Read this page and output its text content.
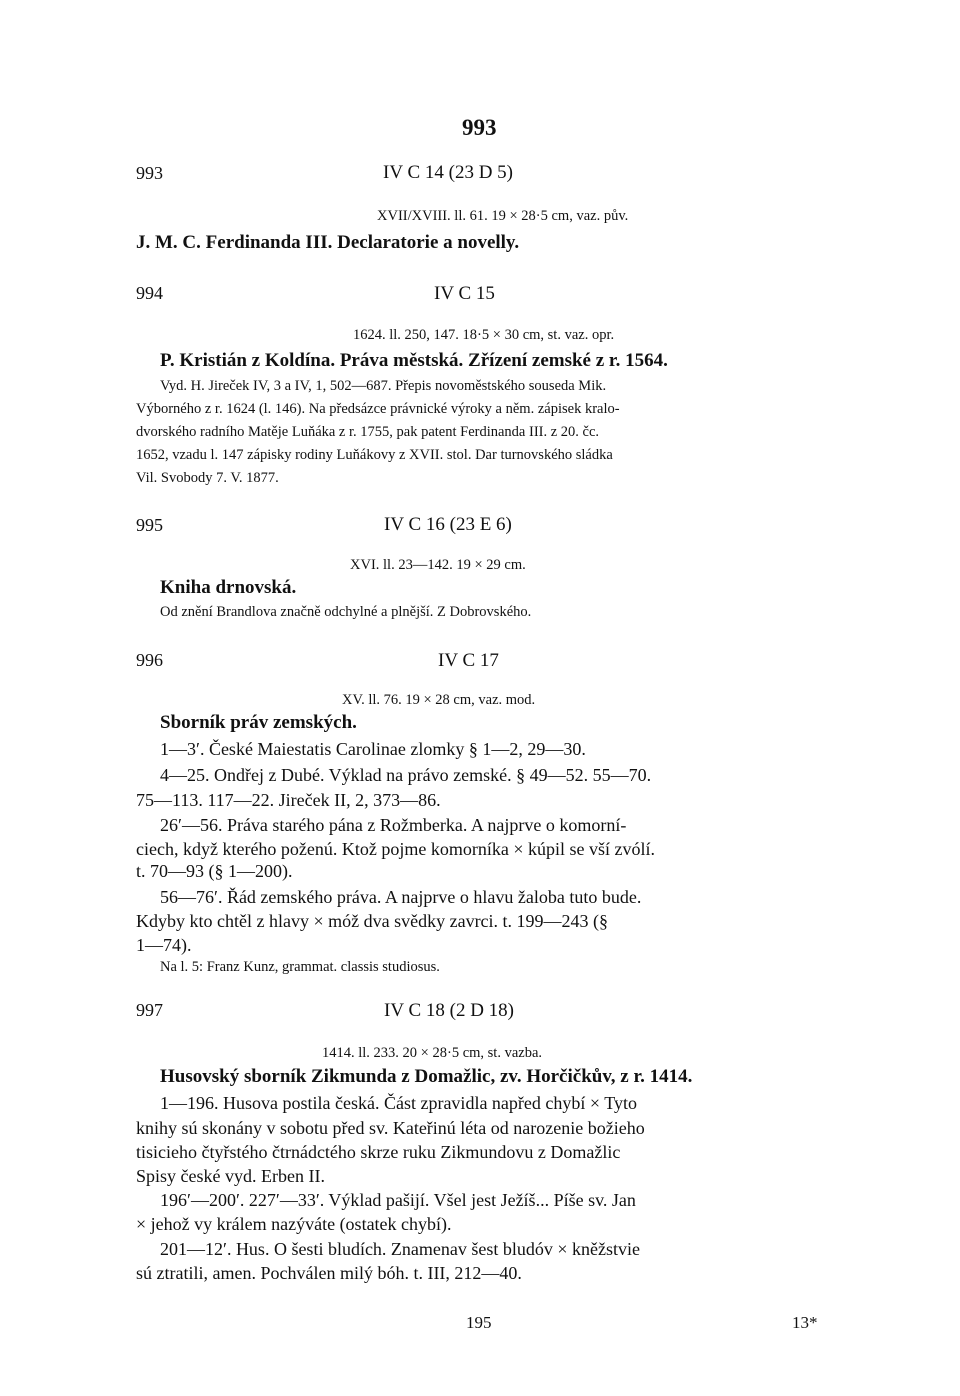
993
993	IV C 14 (23 D 5)
XVII/XVIII. ll. 61. 19 × 28·5 cm, vaz. pův.
J. M. C. Ferdinanda III. Declaratorie a novelly.
994	IV C 15
1624. ll. 250, 147. 18·5 × 30 cm, st. vaz. opr.
P. Kristián z Koldína. Práva městská. Zřízení zemské z r. 1564.
Vyd. H. Jireček IV, 3 a IV, 1, 502—687. Přepis novoměstského souseda Mik.
Výborného z r. 1624 (l. 146). Na předsázce právnické výroky a něm. zápisek kralo-
dvorského radního Matěje Luňáka z r. 1755, pak patent Ferdinanda III. z 20. čc.
1652, vzadu l. 147 zápisky rodiny Luňákovy z XVII. stol. Dar turnovského sládka
Vil. Svobody 7. V. 1877.
995	IV C 16 (23 E 6)
XVI. ll. 23—142. 19 × 29 cm.
Kniha drnovská.
Od znění Brandlova značně odchylné a plnější. Z Dobrovského.
996	IV C 17
XV. ll. 76. 19 × 28 cm, vaz. mod.
Sborník práv zemských.
1—3′. České Maiestatis Carolinae zlomky § 1—2, 29—30.
4—25. Ondřej z Dubé. Výklad na právo zemské. § 49—52. 55—70.
75—113. 117—22. Jireček II, 2, 373—86.
26′—56. Práva starého pána z Rožmberka. A najprve o komorní-
ciech, když kterého poženú. Ktož pojme komorníka × kúpil se vší zvólí.
t. 70—93 (§ 1—200).
56—76′. Řád zemského práva. A najprve o hlavu žaloba tuto bude.
Kdyby kto chtěl z hlavy × móž dva svědky zavrci. t. 199—243 (§
1—74).
Na l. 5: Franz Kunz, grammat. classis studiosus.
997	IV C 18 (2 D 18)
1414. ll. 233. 20 × 28·5 cm, st. vazba.
Husovský sborník Zikmunda z Domažlic, zv. Horčičkův, z r. 1414.
1—196. Husova postila česká. Část zpravidla napřed chybí × Tyto
knihy sú skonány v sobotu před sv. Kateřinú léta od narozenie božieho
tisicieho čtyřstého čtrnádctého skrze ruku Zikmundovu z Domažlic
Spisy české vyd. Erben II.
196′—200′. 227′—33′. Výklad pašijí. Všel jest Ježíš... Píše sv. Jan
× jehož vy králem nazýváte (ostatek chybí).
201—12′. Hus. O šesti bludích. Znamenav šest bludóv × kněžstvie
sú ztratili, amen. Pochválen milý bóh. t. III, 212—40.
195	13*
